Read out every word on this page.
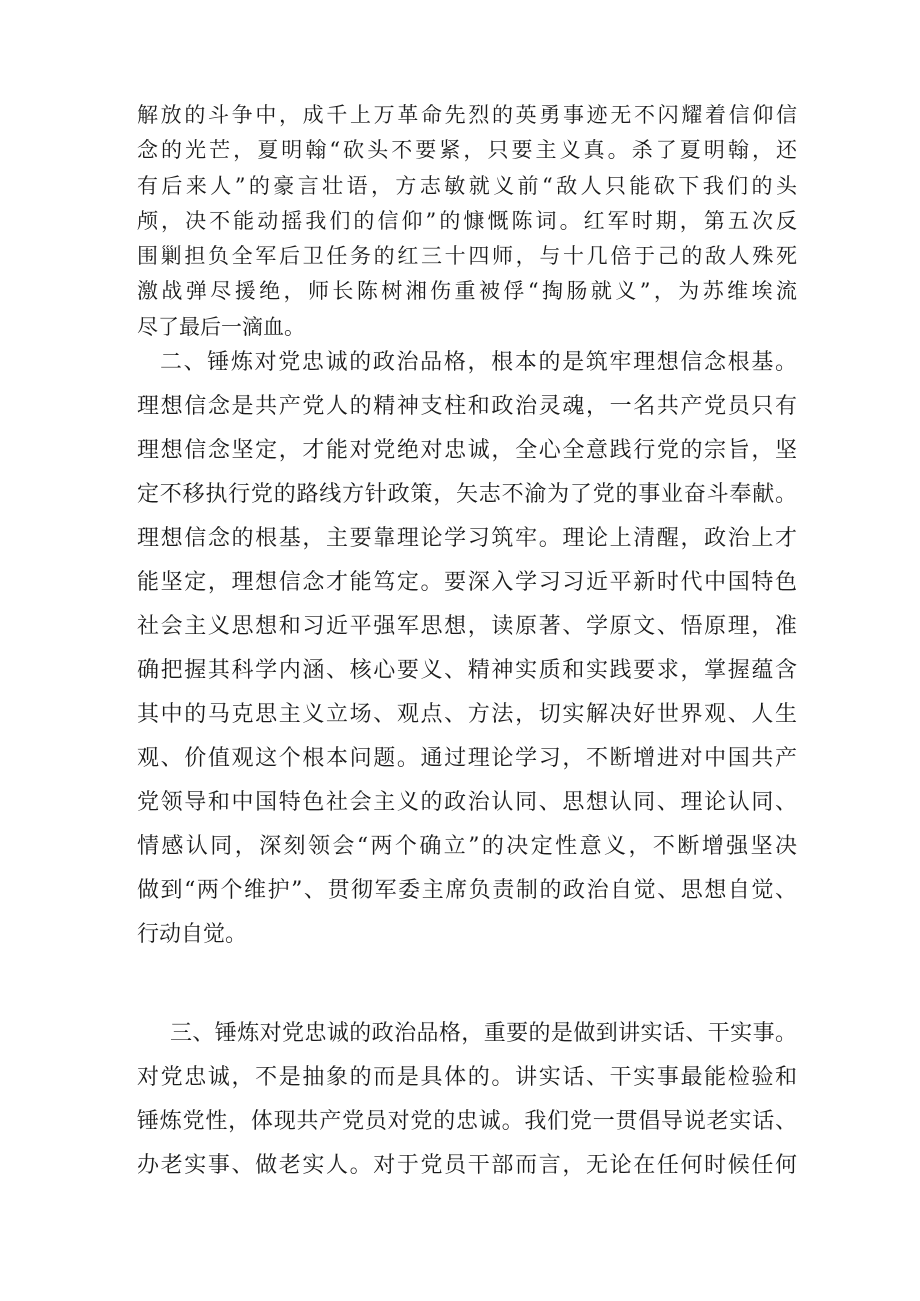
解放的斗争中，成千上万革命先烈的英勇事迹无不闪耀着信仰信
念的光芒，夏明翰“砍头不要紧，只要主义真。杀了夏明翰，还
有后来人”的豪言壮语，方志敏就义前“敌人只能砍下我们的头
颅，决不能动摇我们的信仰”的慷慨陈词。红军时期，第五次反
围剿担负全军后卫任务的红三十四师，与十几倍于己的敌人殊死
激战弹尽援绝，师长陈树湘伤重被俘“掏肠就义”，为苏维埃流
尽了最后一滴血。
二、锤炼对党忠诚的政治品格，根本的是筑牢理想信念根基。
理想信念是共产党人的精神支柱和政治灵魂，一名共产党员只有
理想信念坚定，才能对党绝对忠诚，全心全意践行党的宗旨，坚
定不移执行党的路线方针政策，矢志不渝为了党的事业奋斗奉献。
理想信念的根基，主要靠理论学习筑牢。理论上清醒，政治上才
能坚定，理想信念才能笃定。要深入学习习近平新时代中国特色
社会主义思想和习近平强军思想，读原著、学原文、悟原理，准
确把握其科学内涵、核心要义、精神实质和实践要求，掌握蕴含
其中的马克思主义立场、观点、方法，切实解决好世界观、人生
观、价值观这个根本问题。通过理论学习，不断增进对中国共产
党领导和中国特色社会主义的政治认同、思想认同、理论认同、
情感认同，深刻领会“两个确立”的决定性意义，不断增强坚决
做到“两个维护”、贯彻军委主席负责制的政治自觉、思想自觉、
行动自觉。
三、锤炼对党忠诚的政治品格，重要的是做到讲实话、干实事。
对党忠诚，不是抽象的而是具体的。讲实话、干实事最能检验和
锤炼党性，体现共产党员对党的忠诚。我们党一贯倡导说老实话、
办老实事、做老实人。对于党员干部而言，无论在任何时候任何
